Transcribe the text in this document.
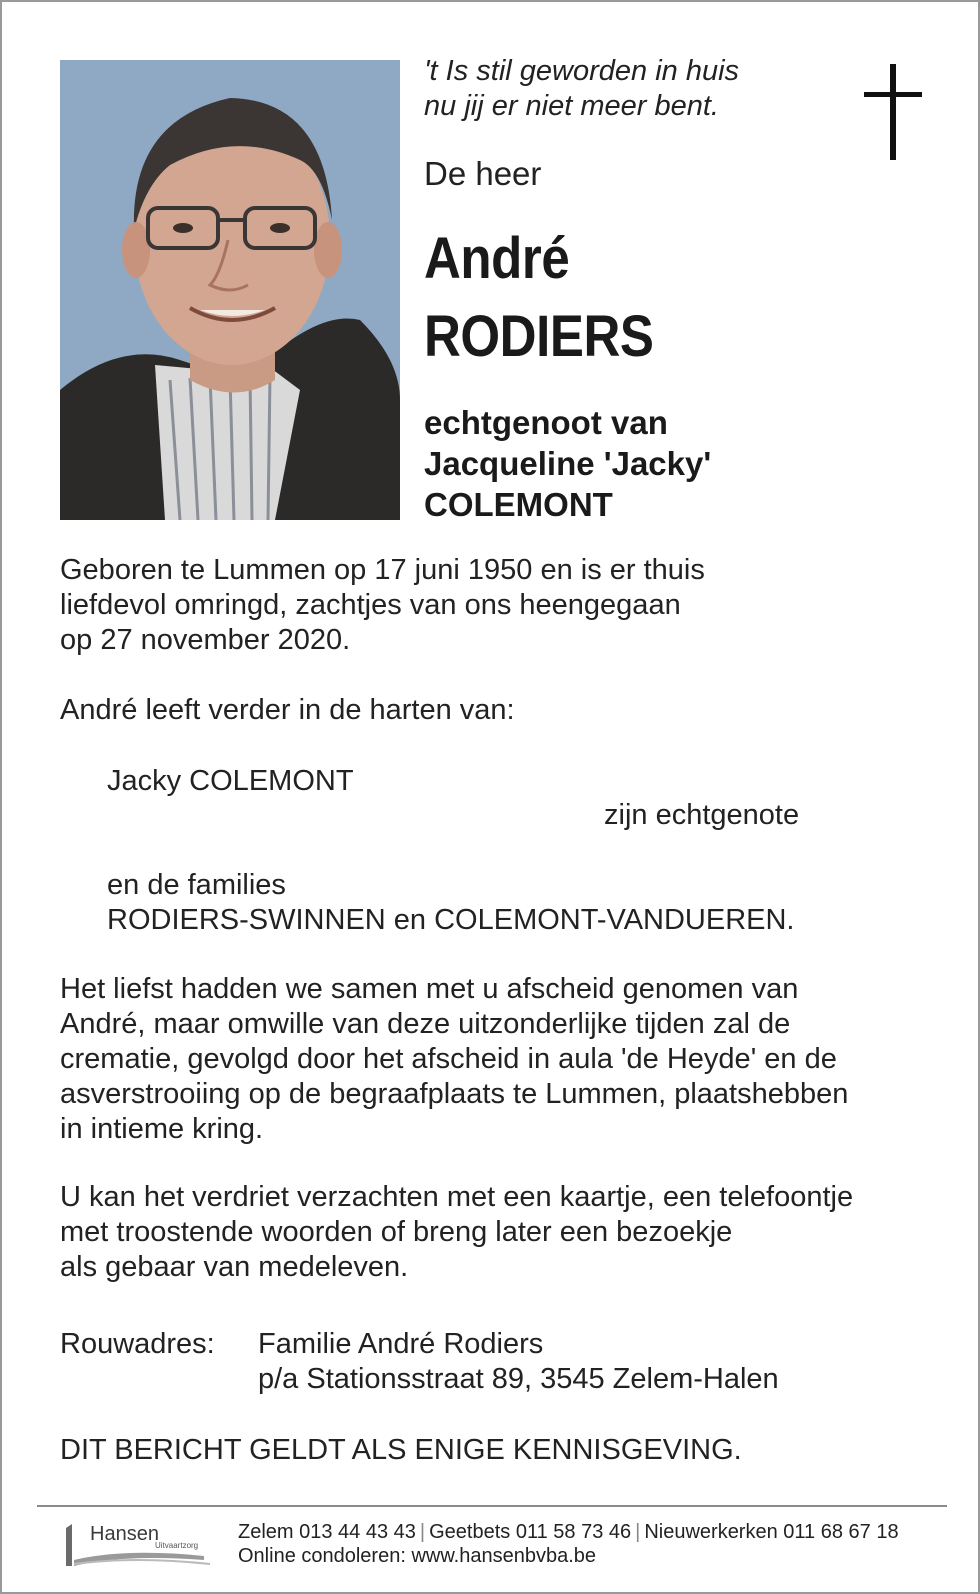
't Is stil geworden in huis
nu jij er niet meer bent.
De heer
André
RODIERS
echtgenoot van
Jacqueline 'Jacky'
COLEMONT
Geboren te Lummen op 17 juni 1950 en is er thuis
liefdevol omringd, zachtjes van ons heengegaan
op 27 november 2020.
André leeft verder in de harten van:
Jacky COLEMONT
zijn echtgenote
en de families
RODIERS-SWINNEN en COLEMONT-VANDUEREN.
Het liefst hadden we samen met u afscheid genomen van
André, maar omwille van deze uitzonderlijke tijden zal de
crematie, gevolgd door het afscheid in aula 'de Heyde' en de
asverstrooiing op de begraafplaats te Lummen, plaatshebben
in intieme kring.
U kan het verdriet verzachten met een kaartje, een telefoontje
met troostende woorden of breng later een bezoekje
als gebaar van medeleven.
Rouwadres: Familie André Rodiers
p/a Stationsstraat 89, 3545 Zelem-Halen
DIT BERICHT GELDT ALS ENIGE KENNISGEVING.
Hansen
Uitvaartzorg
Zelem 013 44 43 43 | Geetbets 011 58 73 46 | Nieuwerkerken 011 68 67 18
Online condoleren: www.hansenbvba.be
